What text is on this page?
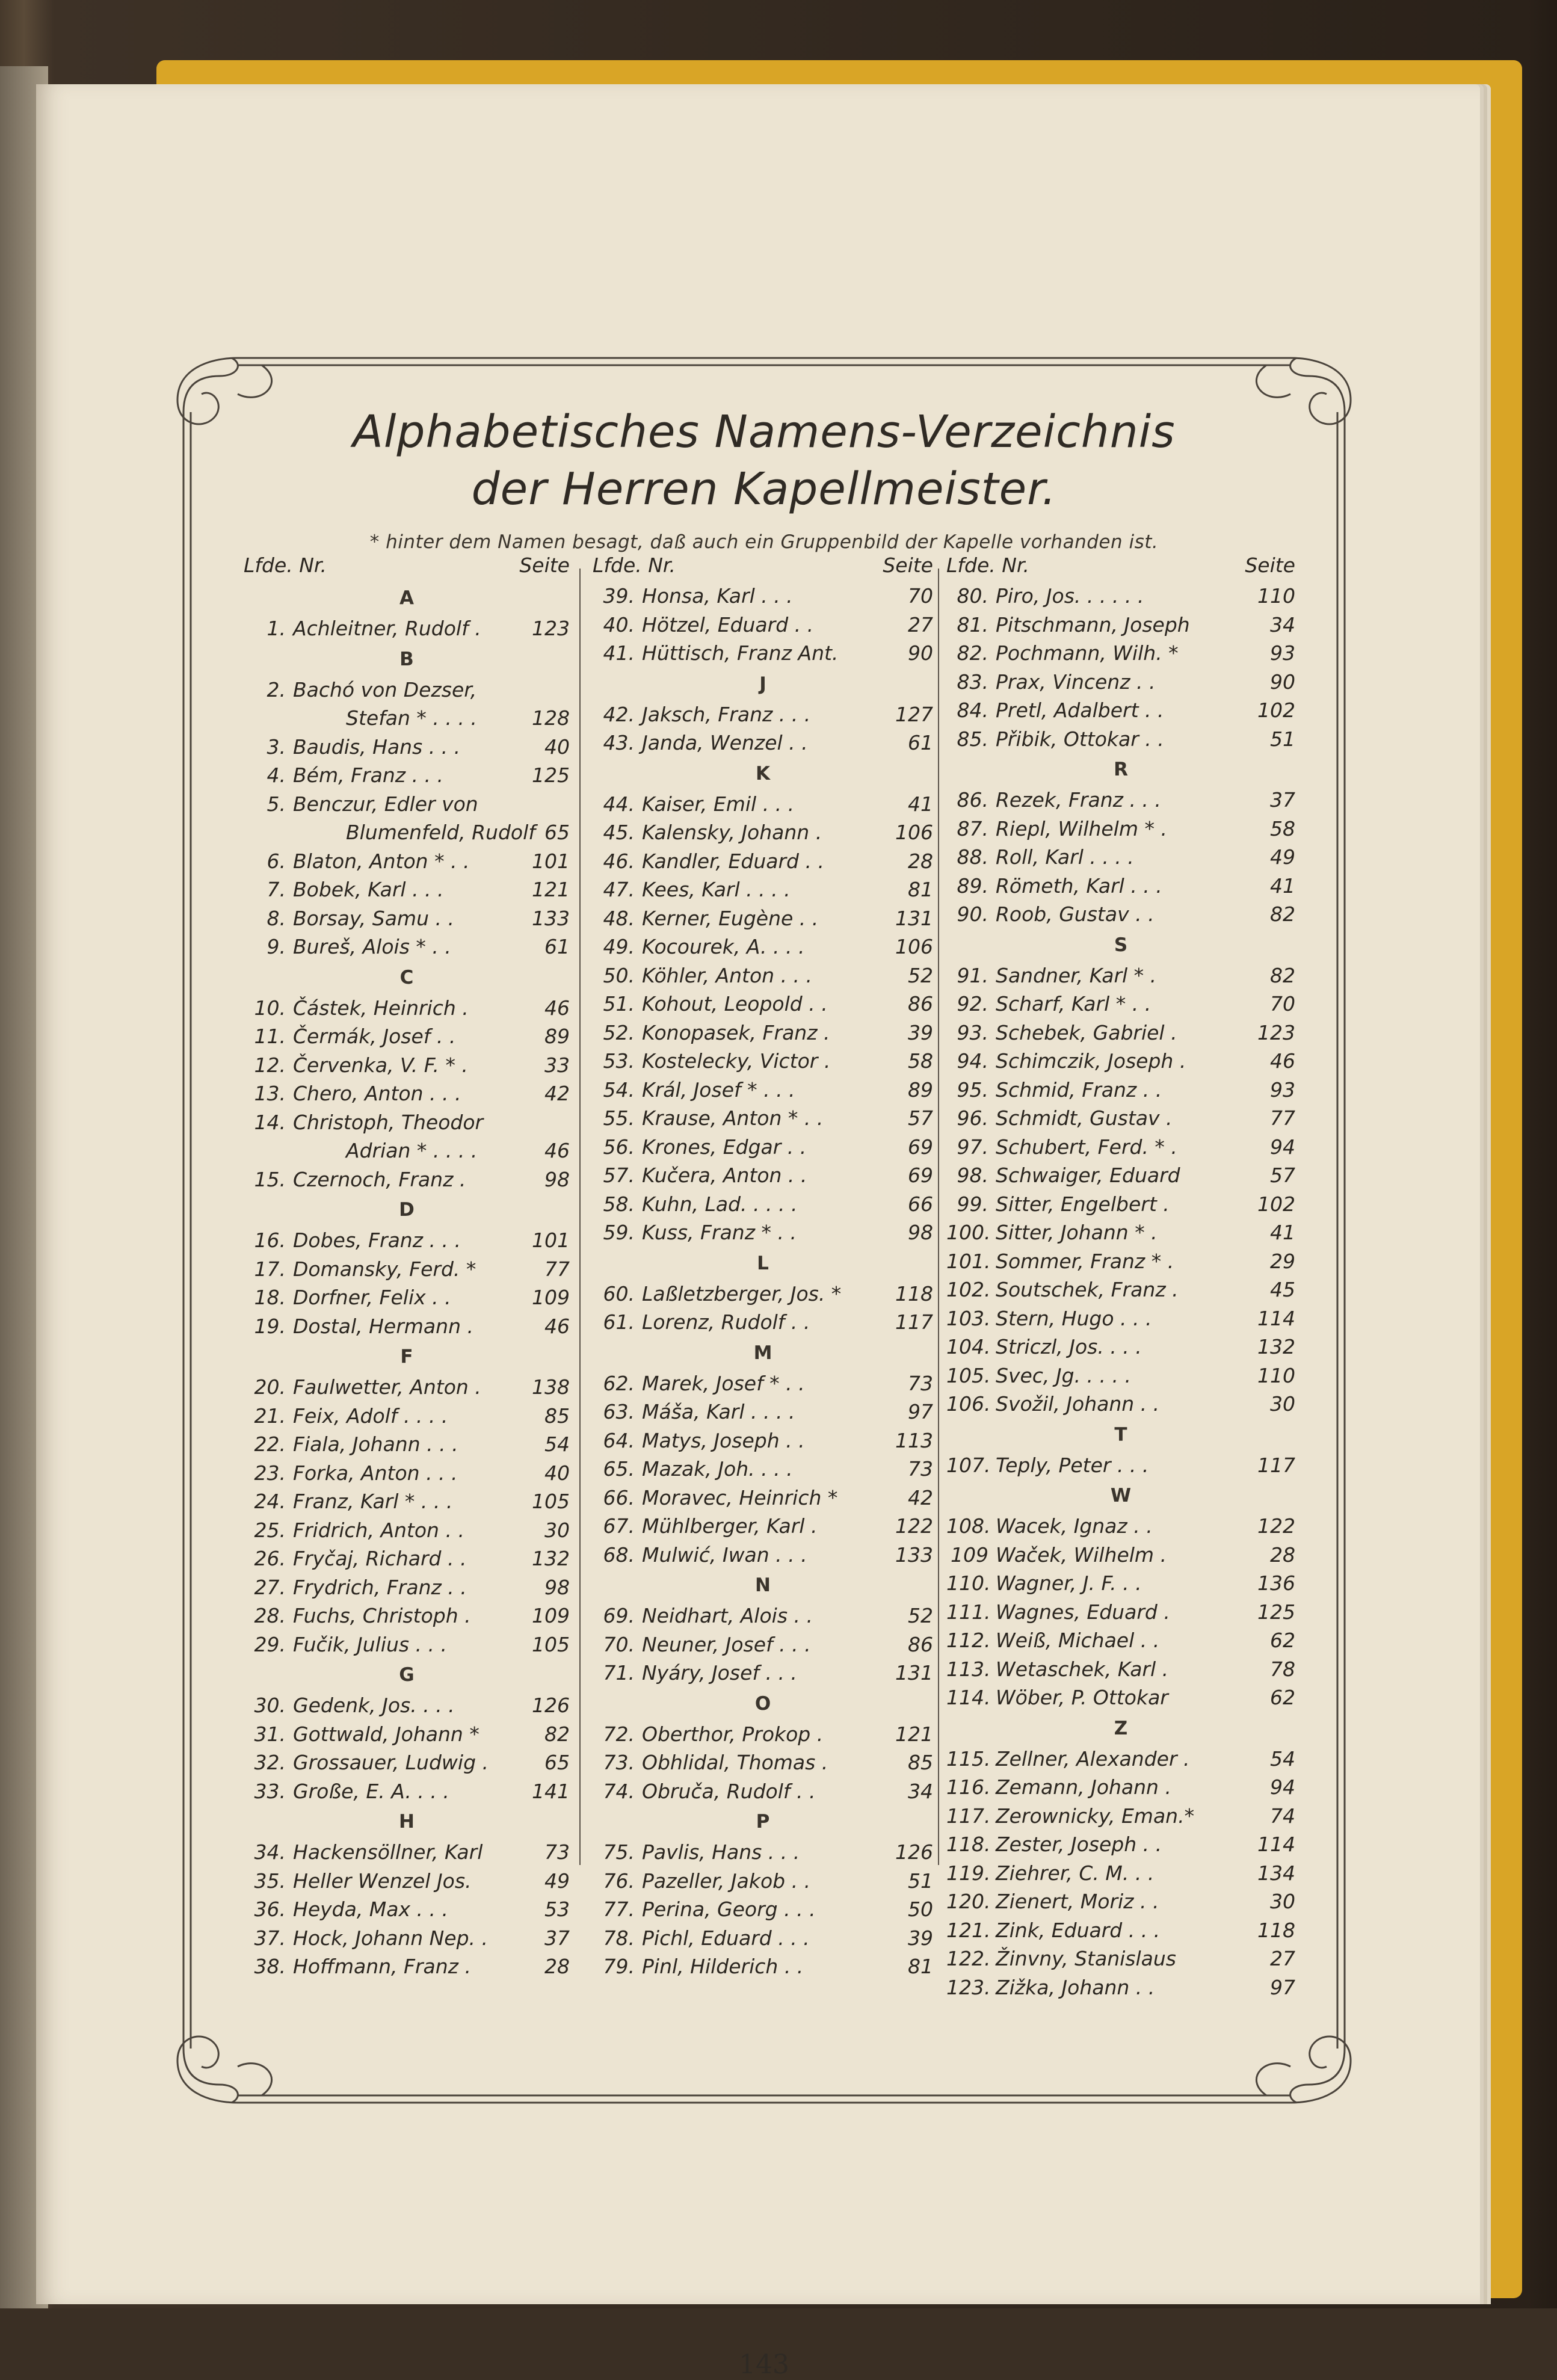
Alphabetisches Namens-Verzeichnis
der Herren Kapellmeister.
* hinter dem Namen besagt, daß auch ein Gruppenbild der Kapelle vorhanden ist.
Lfde. Nr.	Seite
A
1. Achleitner, Rudolf .	123
B
2. Bachó von Dezser,
Stefan * . . . .	128
3. Baudis, Hans . . .	40
4. Bém, Franz . . .	125
5. Benczur, Edler von
Blumenfeld, Rudolf 65
6. Blaton, Anton * . .	101
7. Bobek, Karl . . .	121
8. Borsay, Samu . .	133
9. Bureš, Alois * . .	61
C
10. Částek, Heinrich .	46
11. Čermák, Josef . .	89
12. Červenka, V. F. * .	33
13. Chero, Anton . . .	42
14. Christoph, Theodor
Adrian * . . . .	46
15. Czernoch, Franz .	98
D
16. Dobes, Franz . . .	101
17. Domansky, Ferd. *	77
18. Dorfner, Felix . .	109
19. Dostal, Hermann .	46
F
20. Faulwetter, Anton .	138
21. Feix, Adolf . . . .	85
22. Fiala, Johann . . .	54
23. Forka, Anton . . .	40
24. Franz, Karl * . . .	105
25. Fridrich, Anton . .	30
26. Fryčaj, Richard . .	132
27. Frydrich, Franz . .	98
28. Fuchs, Christoph .	109
29. Fučik, Julius . . .	105
G
30. Gedenk, Jos. . . .	126
31. Gottwald, Johann *	82
32. Grossauer, Ludwig .	65
33. Große, E. A. . . .	141
H
34. Hackensöllner, Karl	73
35. Heller Wenzel Jos.	49
36. Heyda, Max . . .	53
37. Hock, Johann Nep. .	37
38. Hoffmann, Franz .	28
Lfde. Nr.	Seite
39. Honsa, Karl . . .	70
40. Hötzel, Eduard . .	27
41. Hüttisch, Franz Ant.	90
J
42. Jaksch, Franz . . .	127
43. Janda, Wenzel . .	61
K
44. Kaiser, Emil . . .	41
45. Kalensky, Johann .	106
46. Kandler, Eduard . .	28
47. Kees, Karl . . . .	81
48. Kerner, Eugène . .	131
49. Kocourek, A. . . .	106
50. Köhler, Anton . . .	52
51. Kohout, Leopold . .	86
52. Konopasek, Franz .	39
53. Kostelecky, Victor .	58
54. Král, Josef * . . .	89
55. Krause, Anton * . .	57
56. Krones, Edgar . .	69
57. Kučera, Anton . .	69
58. Kuhn, Lad. . . . .	66
59. Kuss, Franz * . .	98
L
60. Laßletzberger, Jos. *	118
61. Lorenz, Rudolf . .	117
M
62. Marek, Josef * . .	73
63. Máša, Karl . . . .	97
64. Matys, Joseph . .	113
65. Mazak, Joh. . . .	73
66. Moravec, Heinrich *	42
67. Mühlberger, Karl .	122
68. Mulwić, Iwan . . .	133
N
69. Neidhart, Alois . .	52
70. Neuner, Josef . . .	86
71. Nyáry, Josef . . .	131
O
72. Oberthor, Prokop .	121
73. Obhlidal, Thomas .	85
74. Obruča, Rudolf . .	34
P
75. Pavlis, Hans . . .	126
76. Pazeller, Jakob . .	51
77. Perina, Georg . . .	50
78. Pichl, Eduard . . .	39
79. Pinl, Hilderich . .	81
Lfde. Nr.	Seite
80. Piro, Jos. . . . . .	110
81. Pitschmann, Joseph	34
82. Pochmann, Wilh. *	93
83. Prax, Vincenz . .	90
84. Pretl, Adalbert . .	102
85. Přibik, Ottokar . .	51
R
86. Rezek, Franz . . .	37
87. Riepl, Wilhelm * .	58
88. Roll, Karl . . . .	49
89. Römeth, Karl . . .	41
90. Roob, Gustav . .	82
S
91. Sandner, Karl * .	82
92. Scharf, Karl * . .	70
93. Schebek, Gabriel .	123
94. Schimczik, Joseph .	46
95. Schmid, Franz . .	93
96. Schmidt, Gustav .	77
97. Schubert, Ferd. * .	94
98. Schwaiger, Eduard	57
99. Sitter, Engelbert .	102
100. Sitter, Johann * .	41
101. Sommer, Franz * .	29
102. Soutschek, Franz .	45
103. Stern, Hugo . . .	114
104. Striczl, Jos. . . .	132
105. Svec, Jg. . . . .	110
106. Svožil, Johann . .	30
T
107. Teply, Peter . . .	117
W
108. Wacek, Ignaz . .	122
109 Waček, Wilhelm .	28
110. Wagner, J. F. . .	136
111. Wagnes, Eduard .	125
112. Weiß, Michael . .	62
113. Wetaschek, Karl .	78
114. Wöber, P. Ottokar	62
Z
115. Zellner, Alexander .	54
116. Zemann, Johann .	94
117. Zerownicky, Eman.*	74
118. Zester, Joseph . .	114
119. Ziehrer, C. M. . .	134
120. Zienert, Moriz . .	30
121. Zink, Eduard . . .	118
122. Žinvny, Stanislaus	27
123. Zižka, Johann . .	97
143
